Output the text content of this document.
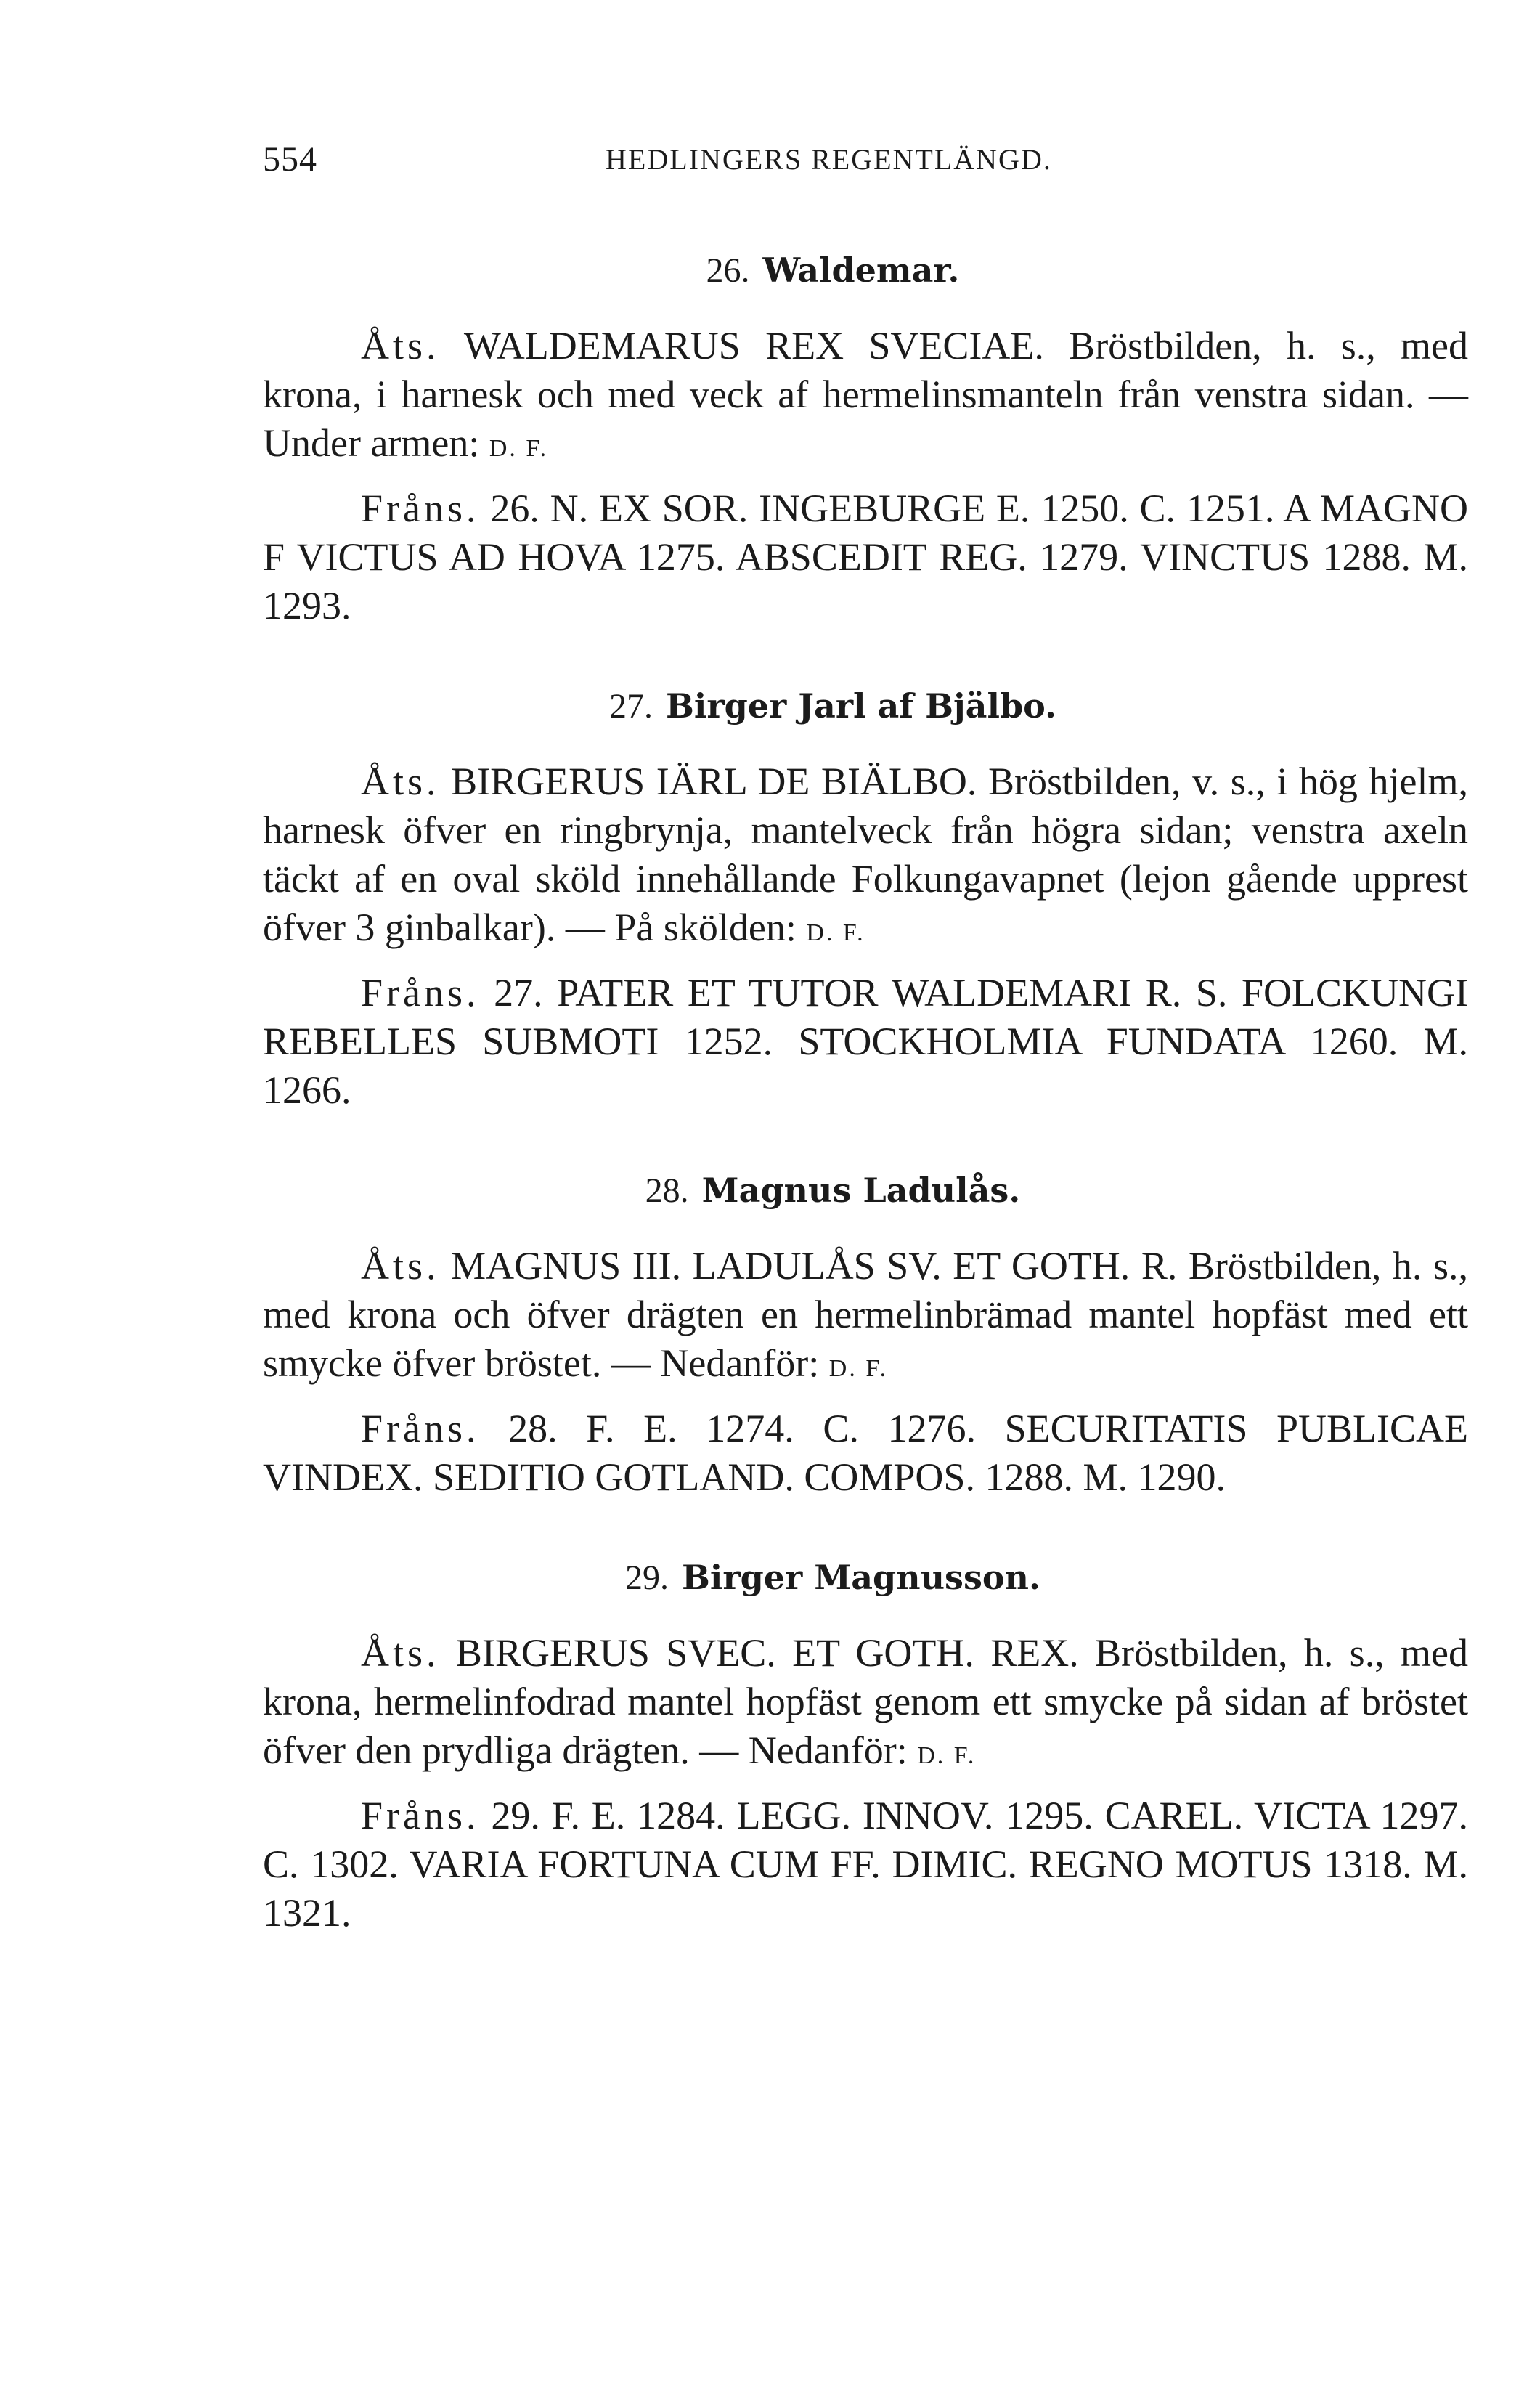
554	HEDLINGERS REGENTLÄNGD.

26. Waldemar.

Åts. WALDEMARUS REX SVECIAE. Bröstbilden, h. s., med krona, i harnesk och med veck af hermelinsmanteln från venstra sidan. — Under armen: D. F.

Fråns. 26. N. EX SOR. INGEBURGE E. 1250. C. 1251. A MAGNO F VICTUS AD HOVA 1275. ABSCEDIT REG. 1279. VINCTUS 1288. M. 1293.

27. Birger Jarl af Bjälbo.

Åts. BIRGERUS IÄRL DE BIÄLBO. Bröstbilden, v. s., i hög hjelm, harnesk öfver en ringbrynja, mantelveck från högra sidan; venstra axeln täckt af en oval sköld innehållande Folkungavapnet (lejon gående upprest öfver 3 ginbalkar). — På skölden: D. F.

Fråns. 27. PATER ET TUTOR WALDEMARI R. S. FOLCKUNGI REBELLES SUBMOTI 1252. STOCKHOLMIA FUNDATA 1260. M. 1266.

28. Magnus Ladulås.

Åts. MAGNUS III. LADULÅS SV. ET GOTH. R. Bröstbilden, h. s., med krona och öfver drägten en hermelinbrämad mantel hopfäst med ett smycke öfver bröstet. — Nedanför: D. F.

Fråns. 28. F. E. 1274. C. 1276. SECURITATIS PUBLICAE VINDEX. SEDITIO GOTLAND. COMPOS. 1288. M. 1290.

29. Birger Magnusson.

Åts. BIRGERUS SVEC. ET GOTH. REX. Bröstbilden, h. s., med krona, hermelinfodrad mantel hopfäst genom ett smycke på sidan af bröstet öfver den prydliga drägten. — Nedanför: D. F.

Fråns. 29. F. E. 1284. LEGG. INNOV. 1295. CAREL. VICTA 1297. C. 1302. VARIA FORTUNA CUM FF. DIMIC. REGNO MOTUS 1318. M. 1321.
